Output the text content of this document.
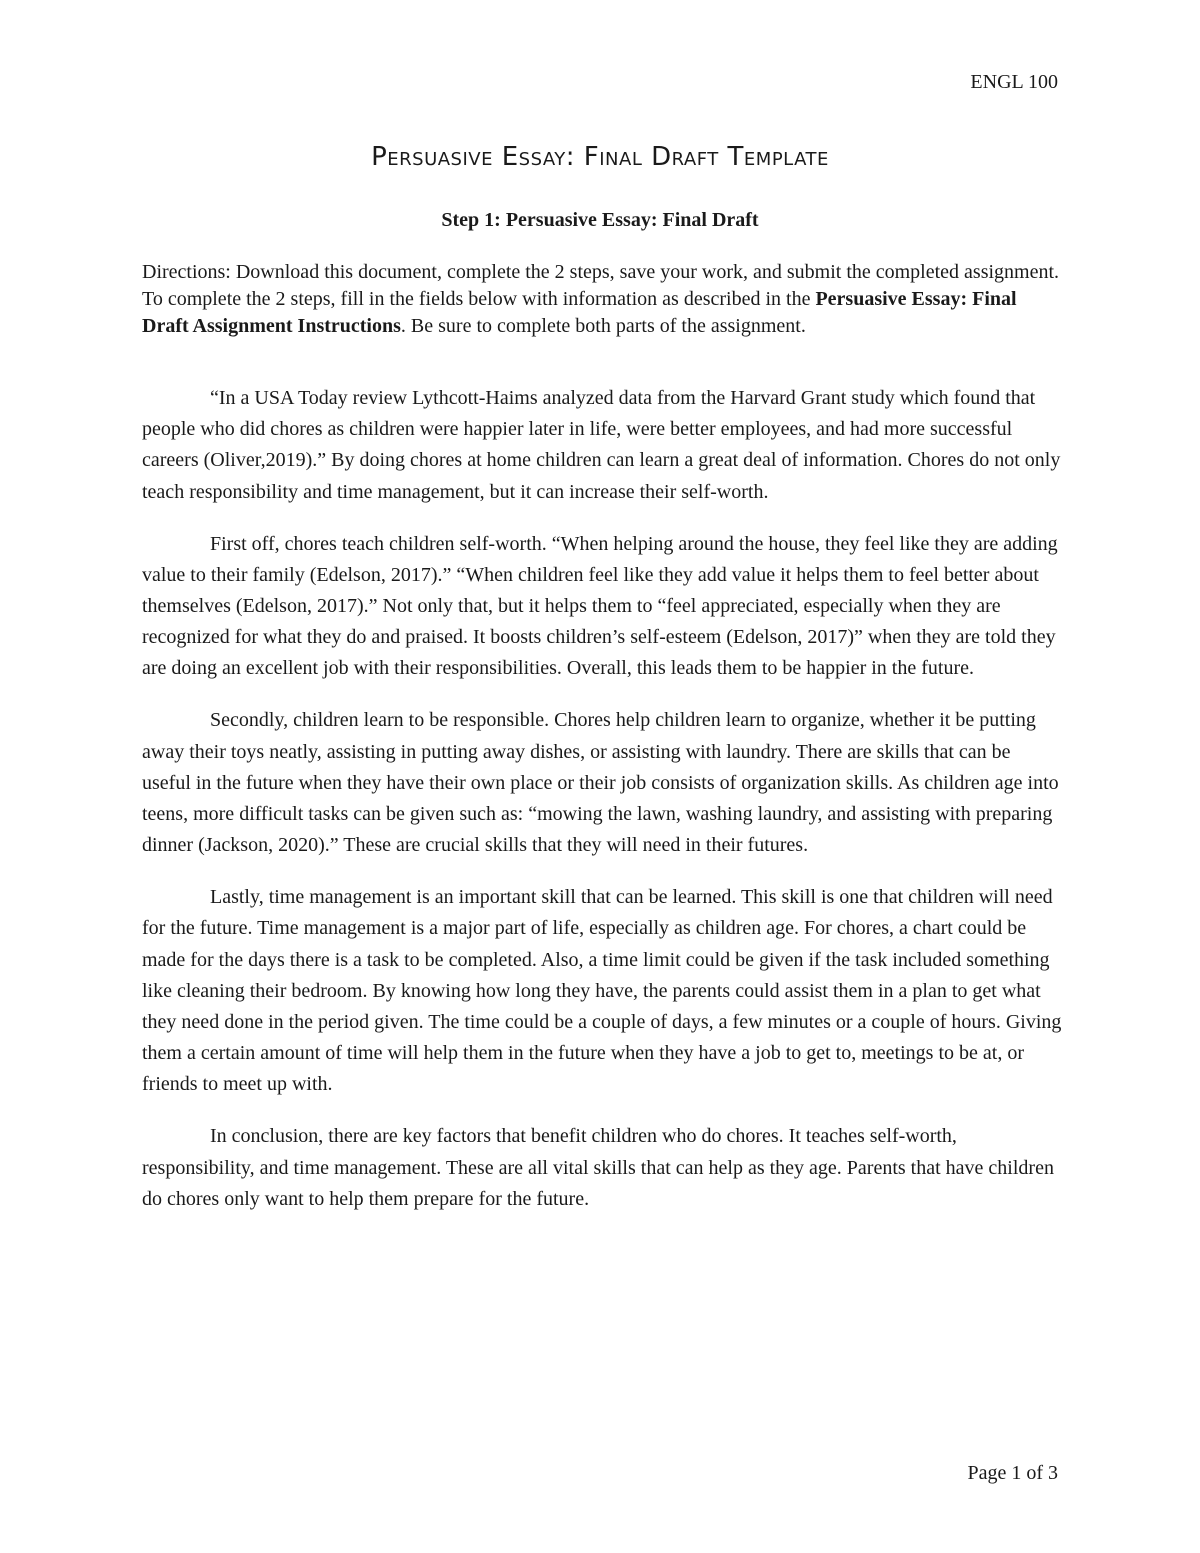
ENGL 100
Persuasive Essay: Final Draft Template
Step 1: Persuasive Essay: Final Draft

Directions: Download this document, complete the 2 steps, save your work, and submit the completed assignment. To complete the 2 steps, fill in the fields below with information as described in the Persuasive Essay: Final Draft Assignment Instructions. Be sure to complete both parts of the assignment.

“In a USA Today review Lythcott-Haims analyzed data from the Harvard Grant study which found that people who did chores as children were happier later in life, were better employees, and had more successful careers (Oliver,2019).” By doing chores at home children can learn a great deal of information. Chores do not only teach responsibility and time management, but it can increase their self-worth.

First off, chores teach children self-worth. “When helping around the house, they feel like they are adding value to their family (Edelson, 2017).” “When children feel like they add value it helps them to feel better about themselves (Edelson, 2017).” Not only that, but it helps them to “feel appreciated, especially when they are recognized for what they do and praised. It boosts children’s self-esteem (Edelson, 2017)” when they are told they are doing an excellent job with their responsibilities. Overall, this leads them to be happier in the future.

Secondly, children learn to be responsible. Chores help children learn to organize, whether it be putting away their toys neatly, assisting in putting away dishes, or assisting with laundry. There are skills that can be useful in the future when they have their own place or their job consists of organization skills. As children age into teens, more difficult tasks can be given such as: “mowing the lawn, washing laundry, and assisting with preparing dinner (Jackson, 2020).” These are crucial skills that they will need in their futures.

Lastly, time management is an important skill that can be learned. This skill is one that children will need for the future. Time management is a major part of life, especially as children age. For chores, a chart could be made for the days there is a task to be completed. Also, a time limit could be given if the task included something like cleaning their bedroom. By knowing how long they have, the parents could assist them in a plan to get what they need done in the period given. The time could be a couple of days, a few minutes or a couple of hours. Giving them a certain amount of time will help them in the future when they have a job to get to, meetings to be at, or friends to meet up with.

In conclusion, there are key factors that benefit children who do chores. It teaches self-worth, responsibility, and time management. These are all vital skills that can help as they age. Parents that have children do chores only want to help them prepare for the future.

Page 1 of 3
